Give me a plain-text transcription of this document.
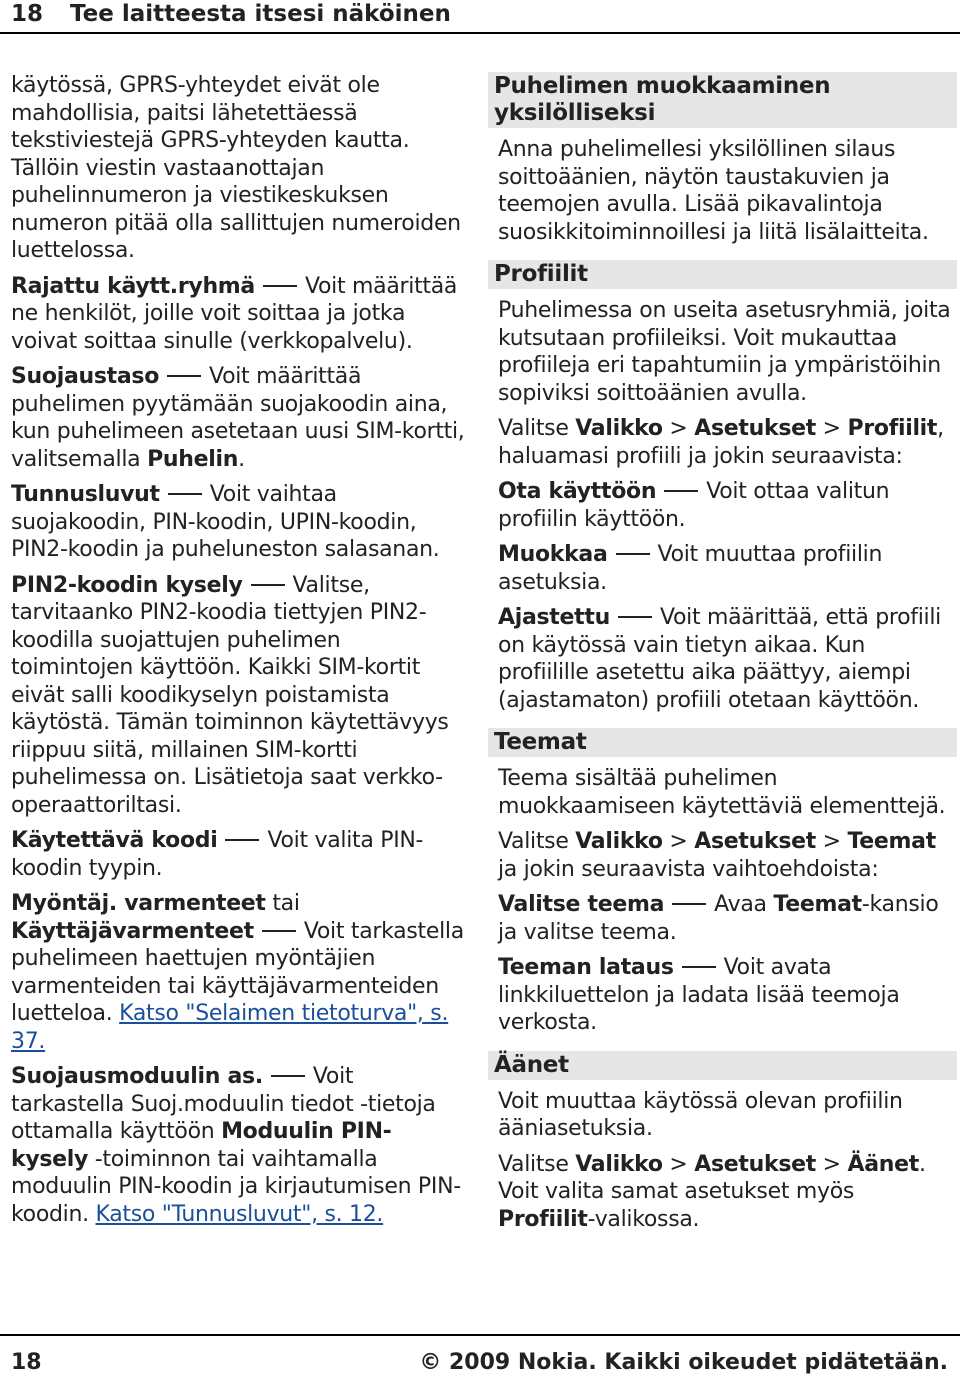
18 Tee laitteesta itsesi näköinen

käytössä, GPRS-yhteydet eivät ole mahdollisia, paitsi lähetettäessä tekstiviestejä GPRS-yhteyden kautta. Tällöin viestin vastaanottajan puhelinnumeron ja viestikeskuksen numeron pitää olla sallittujen numeroiden luettelossa.

Rajattu käytt.ryhmä Voit määrittää ne henkilöt, joille voit soittaa ja jotka voivat soittaa sinulle (verkkopalvelu).

Suojaustaso Voit määrittää puhelimen pyytämään suojakoodin aina, kun puhelimeen asetetaan uusi SIM-kortti, valitsemalla Puhelin.

Tunnusluvut Voit vaihtaa suojakoodin, PIN-koodin, UPIN-koodin, PIN2-koodin ja puheluneston salasanan.

PIN2-koodin kysely Valitse, tarvitaanko PIN2-koodia tiettyjen PIN2-koodilla suojattujen puhelimen toimintojen käyttöön. Kaikki SIM-kortit eivät salli koodikyselyn poistamista käytöstä. Tämän toiminnon käytettävyys riippuu siitä, millainen SIM-kortti puhelimessa on. Lisätietoja saat verkko-operaattoriltasi.

Käytettävä koodi Voit valita PIN-koodin tyypin.

Myöntäj. varmenteet tai Käyttäjävarmenteet Voit tarkastella puhelimeen haettujen myöntäjien varmenteiden tai käyttäjävarmenteiden luetteloa. Katso "Selaimen tietoturva", s. 37.

Suojausmoduulin as. Voit tarkastella Suoj.moduulin tiedot -tietoja ottamalla käyttöön Moduulin PIN-kysely -toiminnon tai vaihtamalla moduulin PIN-koodin ja kirjautumisen PIN-koodin. Katso "Tunnusluvut", s. 12.

Puhelimen muokkaaminen yksilölliseksi

Anna puhelimellesi yksilöllinen silaus soittoäänien, näytön taustakuvien ja teemojen avulla. Lisää pikavalintoja suosikkitoiminnoillesi ja liitä lisälaitteita.

Profiilit

Puhelimessa on useita asetusryhmiä, joita kutsutaan profiileiksi. Voit mukauttaa profiileja eri tapahtumiin ja ympäristöihin sopiviksi soittoäänien avulla.

Valitse Valikko > Asetukset > Profiilit, haluamasi profiili ja jokin seuraavista:

Ota käyttöön Voit ottaa valitun profiilin käyttöön.

Muokkaa Voit muuttaa profiilin asetuksia.

Ajastettu Voit määrittää, että profiili on käytössä vain tietyn aikaa. Kun profiilille asetettu aika päättyy, aiempi (ajastamaton) profiili otetaan käyttöön.

Teemat

Teema sisältää puhelimen muokkaamiseen käytettäviä elementtejä.

Valitse Valikko > Asetukset > Teemat ja jokin seuraavista vaihtoehdoista:

Valitse teema Avaa Teemat-kansio ja valitse teema.

Teeman lataus Voit avata linkkiluettelon ja ladata lisää teemoja verkosta.

Äänet

Voit muuttaa käytössä olevan profiilin ääniasetuksia.

Valitse Valikko > Asetukset > Äänet. Voit valita samat asetukset myös Profiilit-valikossa.

18	© 2009 Nokia. Kaikki oikeudet pidätetään.
